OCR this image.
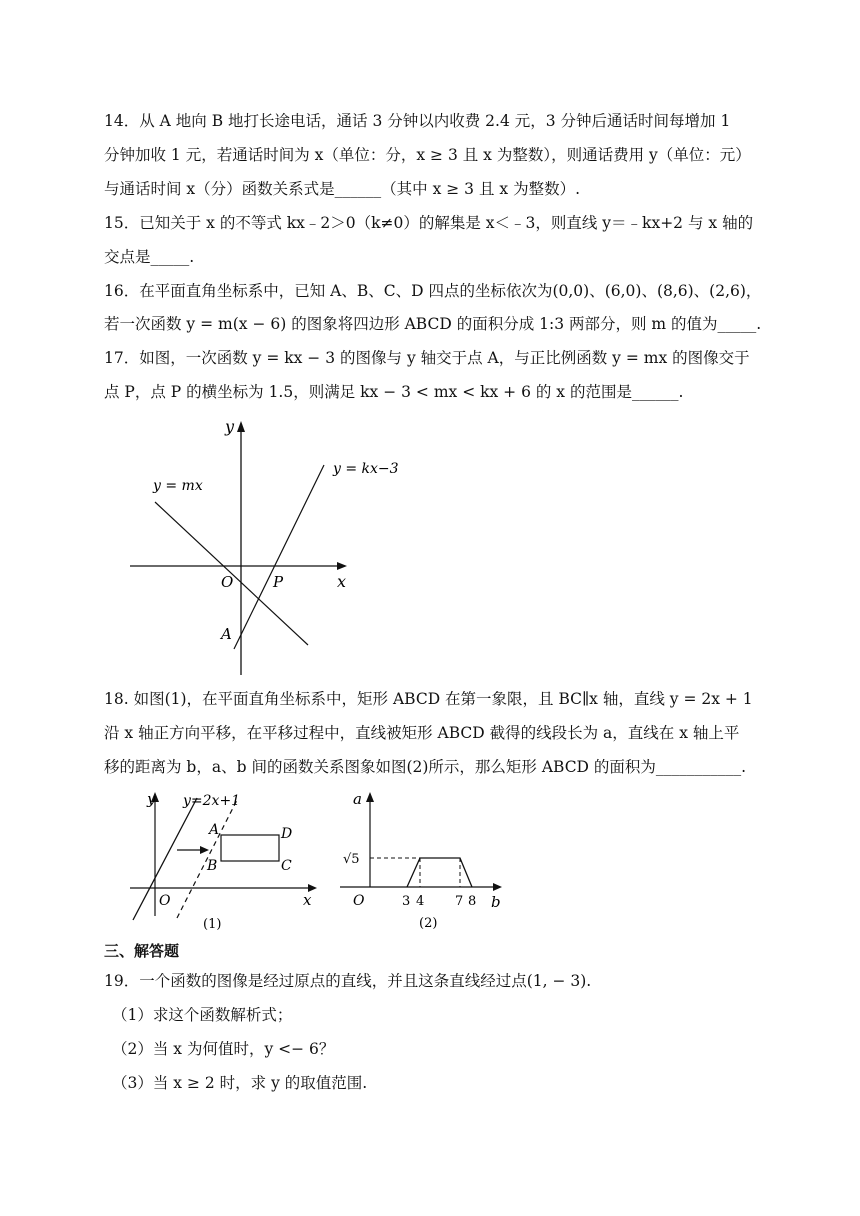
14．从 A 地向 B 地打长途电话，通话 3 分钟以内收费 2.4 元，3 分钟后通话时间每增加 1
分钟加收 1 元，若通话时间为 x（单位：分，x ≥ 3 且 x 为整数），则通话费用 y（单位：元）
与通话时间 x（分）函数关系式是______（其中 x ≥ 3 且 x 为整数）.
15．已知关于 x 的不等式 kx﹣2＞0（k≠0）的解集是 x＜﹣3，则直线 y＝﹣kx+2 与 x 轴的
交点是_____.
16．在平面直角坐标系中，已知 A、B、C、D 四点的坐标依次为(0,0)、(6,0)、(8,6)、(2,6)，
若一次函数 y = m(x − 6) 的图象将四边形 ABCD 的面积分成 1:3 两部分，则 m 的值为_____.
17．如图，一次函数 y = kx − 3 的图像与 y 轴交于点 A，与正比例函数 y = mx 的图像交于
点 P，点 P 的横坐标为 1.5，则满足 kx − 3 < mx < kx + 6 的 x 的范围是______.
y
x
O
y = mx
y = kx−3
P
A
18. 如图(1)，在平面直角坐标系中，矩形 ABCD 在第一象限，且 BC∥x 轴，直线 y = 2x + 1
沿 x 轴正方向平移，在平移过程中，直线被矩形 ABCD 截得的线段长为 a，直线在 x 轴上平
移的距离为 b，a、b 间的函数关系图象如图(2)所示，那么矩形 ABCD 的面积为___________.
y
x
O
y=2x+1
A
B	C
D
(1)
a
b
O
√5
3 4 7 8
(2)
三、解答题
19．一个函数的图像是经过原点的直线，并且这条直线经过点(1, − 3).
（1）求这个函数解析式；
（2）当 x 为何值时，y <− 6？
（3）当 x ≥ 2 时，求 y 的取值范围.
